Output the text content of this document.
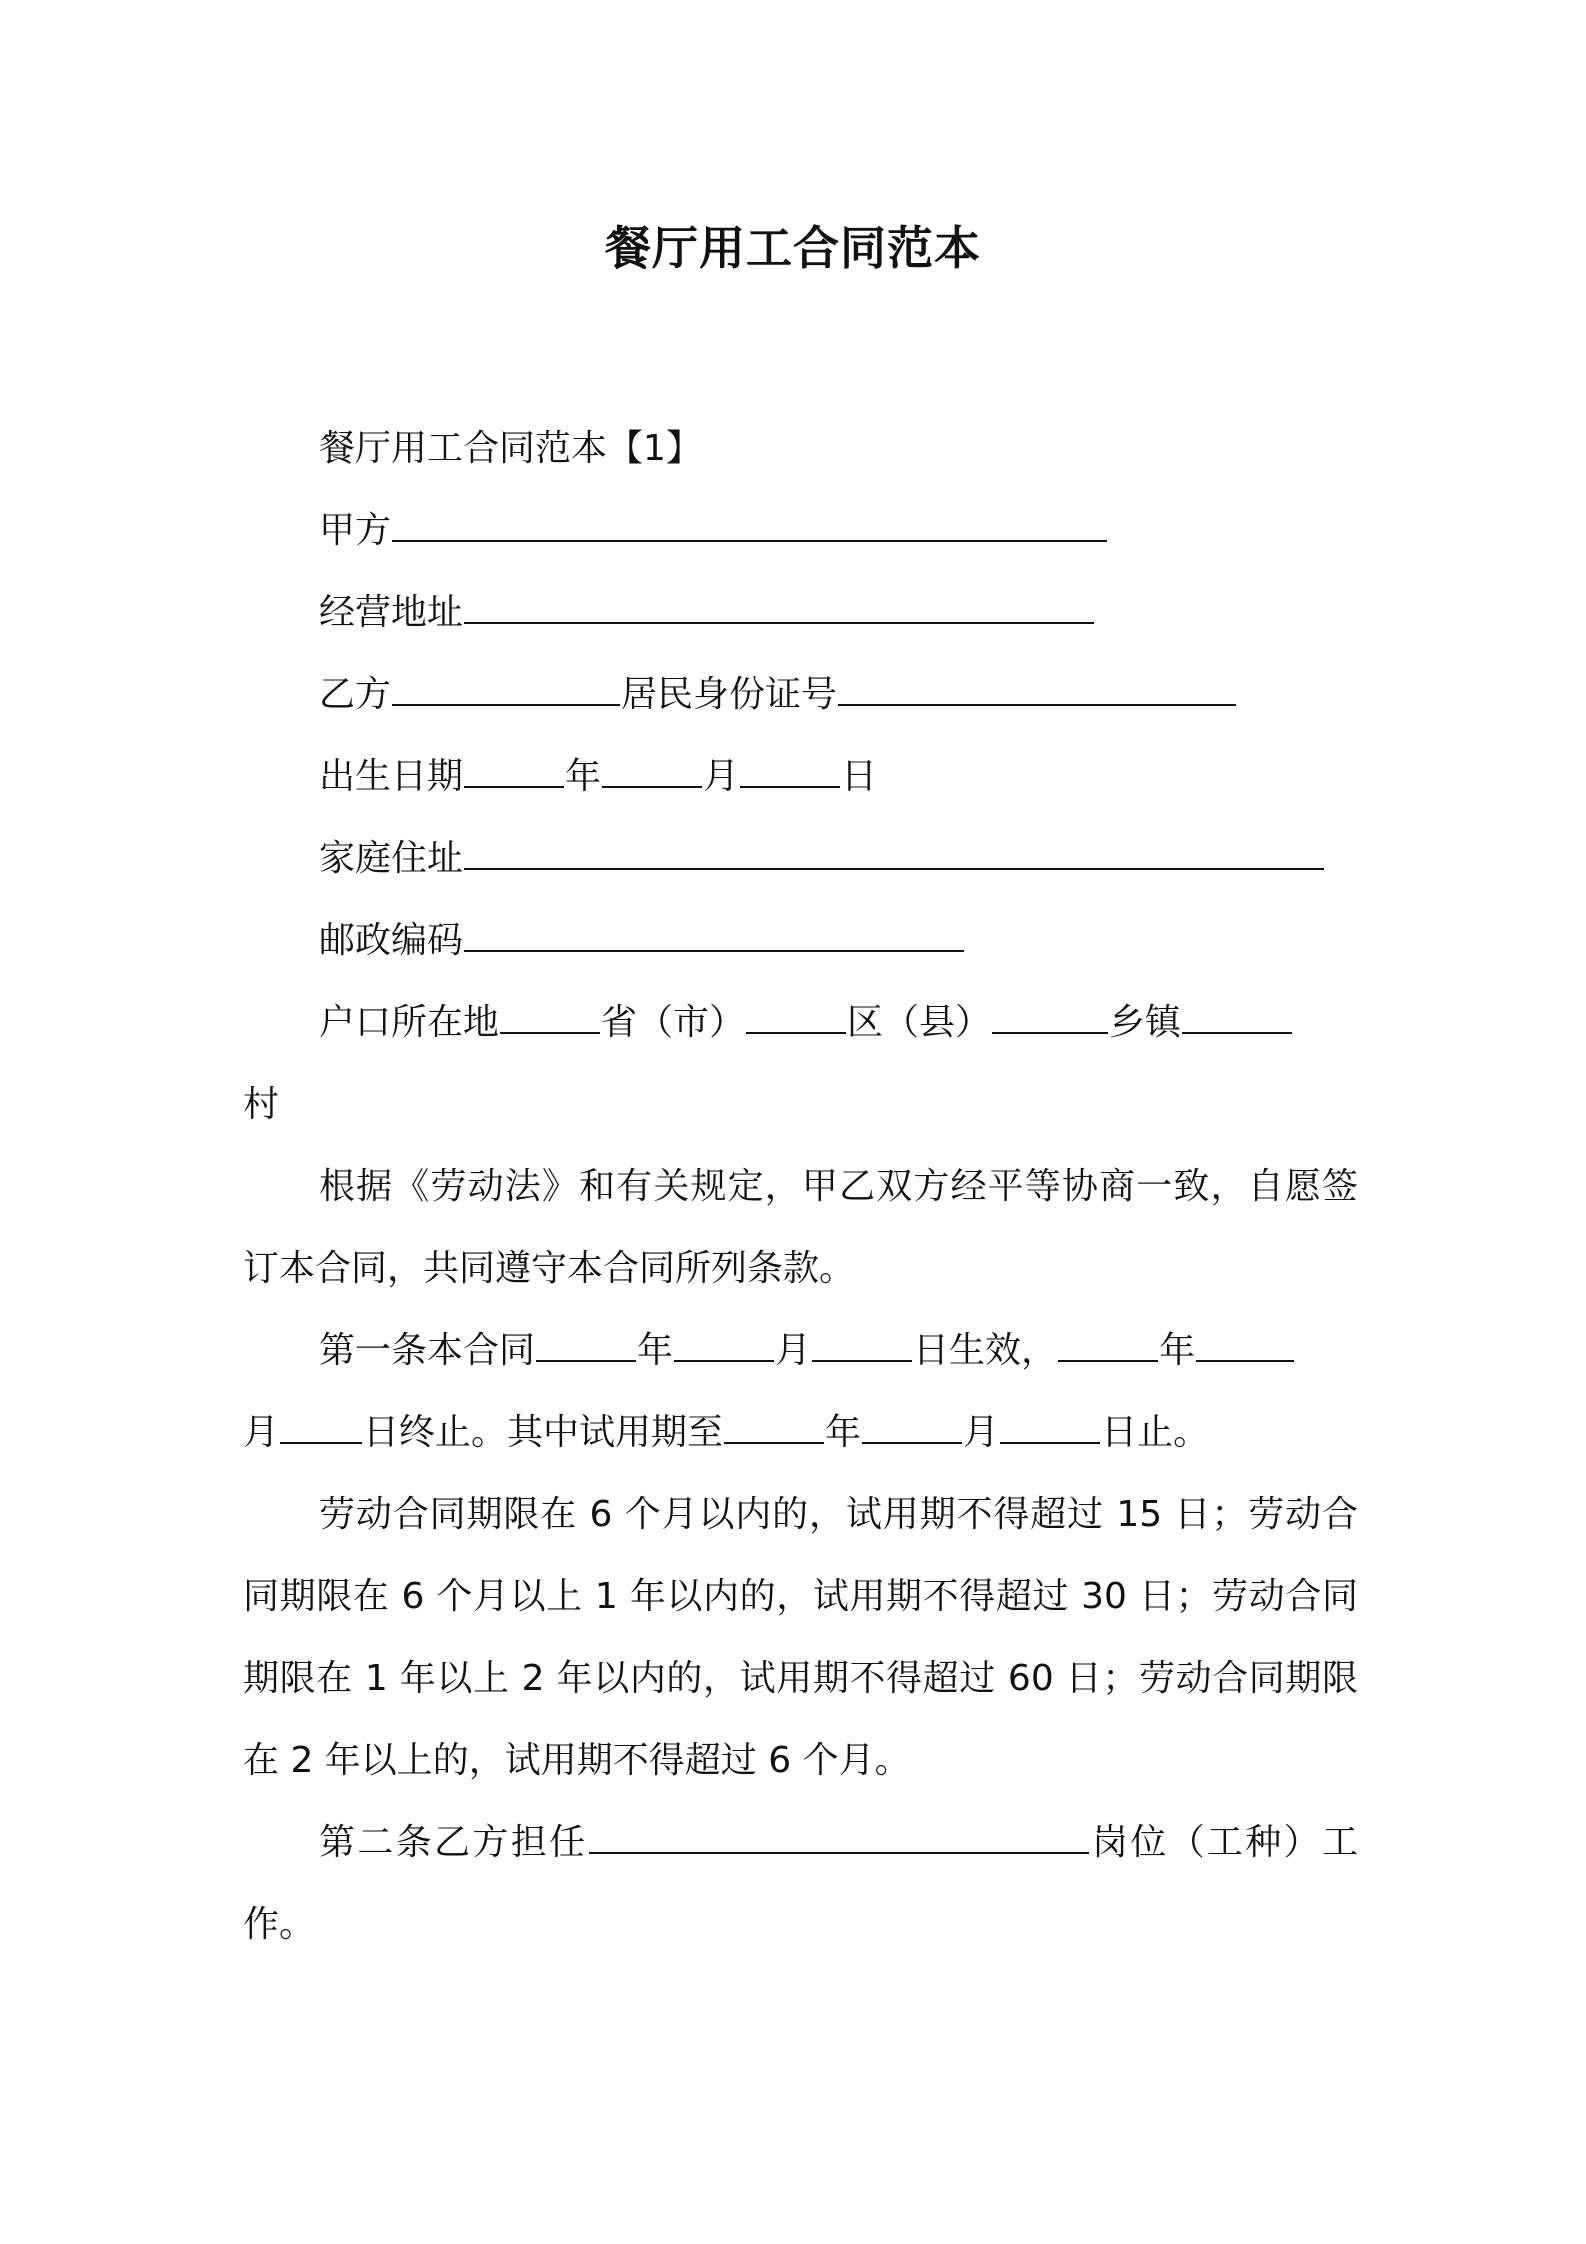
餐厅用工合同范本
餐厅用工合同范本【1】
甲方
经营地址
乙方	居民身份证号
出生日期	年	月	日
家庭住址
邮政编码
户口所在地	省（市）	区（县）	乡镇
村
根据《劳动法》和有关规定，甲乙双方经平等协商一致，自愿签订本合同，共同遵守本合同所列条款。
第一条本合同	年	月	日生效，	年
月 日终止。其中试用期至	年	月	日止。
劳动合同期限在 6 个月以内的，试用期不得超过 15 日；劳动合同期限在 6 个月以上 1 年以内的，试用期不得超过 30 日；劳动合同期限在 1 年以上 2 年以内的，试用期不得超过 60 日；劳动合同期限在 2 年以上的，试用期不得超过 6 个月。
第二条乙方担任	岗位（工种）工作。
